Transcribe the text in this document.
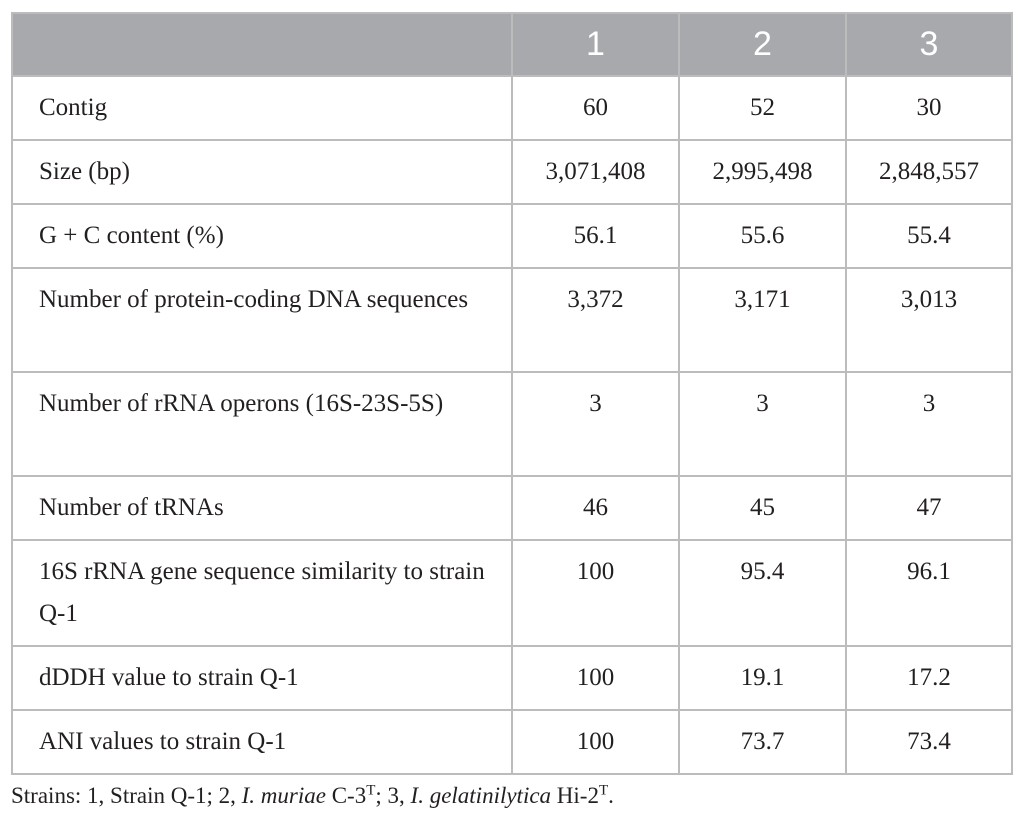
	1	2	3
Contig	60	52	30
Size (bp)	3,071,408	2,995,498	2,848,557
G + C content (%)	56.1	55.6	55.4
Number of protein-coding DNA sequences	3,372	3,171	3,013
Number of rRNA operons (16S-23S-5S)	3	3	3
Number of tRNAs	46	45	47
16S rRNA gene sequence similarity to strain Q-1	100	95.4	96.1
dDDH value to strain Q-1	100	19.1	17.2
ANI values to strain Q-1	100	73.7	73.4
Strains: 1, Strain Q-1; 2, I. muriae $C-3^T$; 3, I. gelatinilytica $Hi-2^T$.
